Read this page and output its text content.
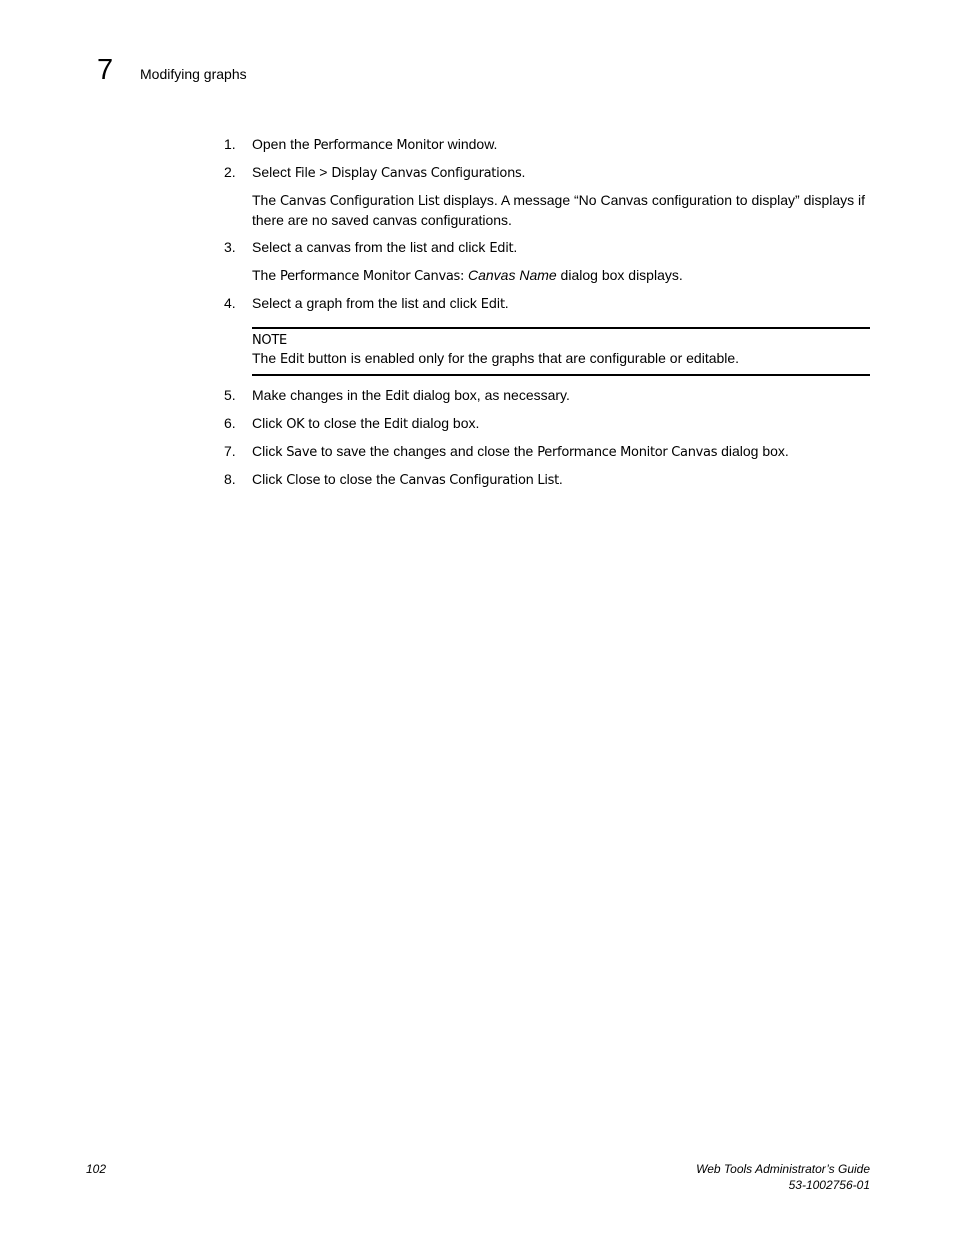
7 Modifying graphs
1.	Open the Performance Monitor window.
2.	Select File > Display Canvas Configurations.
The Canvas Configuration List displays. A message “No Canvas configuration to display” displays if there are no saved canvas configurations.
3.	Select a canvas from the list and click Edit.
The Performance Monitor Canvas: Canvas Name dialog box displays.
4.	Select a graph from the list and click Edit.
NOTE
The Edit button is enabled only for the graphs that are configurable or editable.
5.	Make changes in the Edit dialog box, as necessary.
6.	Click OK to close the Edit dialog box.
7.	Click Save to save the changes and close the Performance Monitor Canvas dialog box.
8.	Click Close to close the Canvas Configuration List.
102	Web Tools Administrator’s Guide
53-1002756-01
